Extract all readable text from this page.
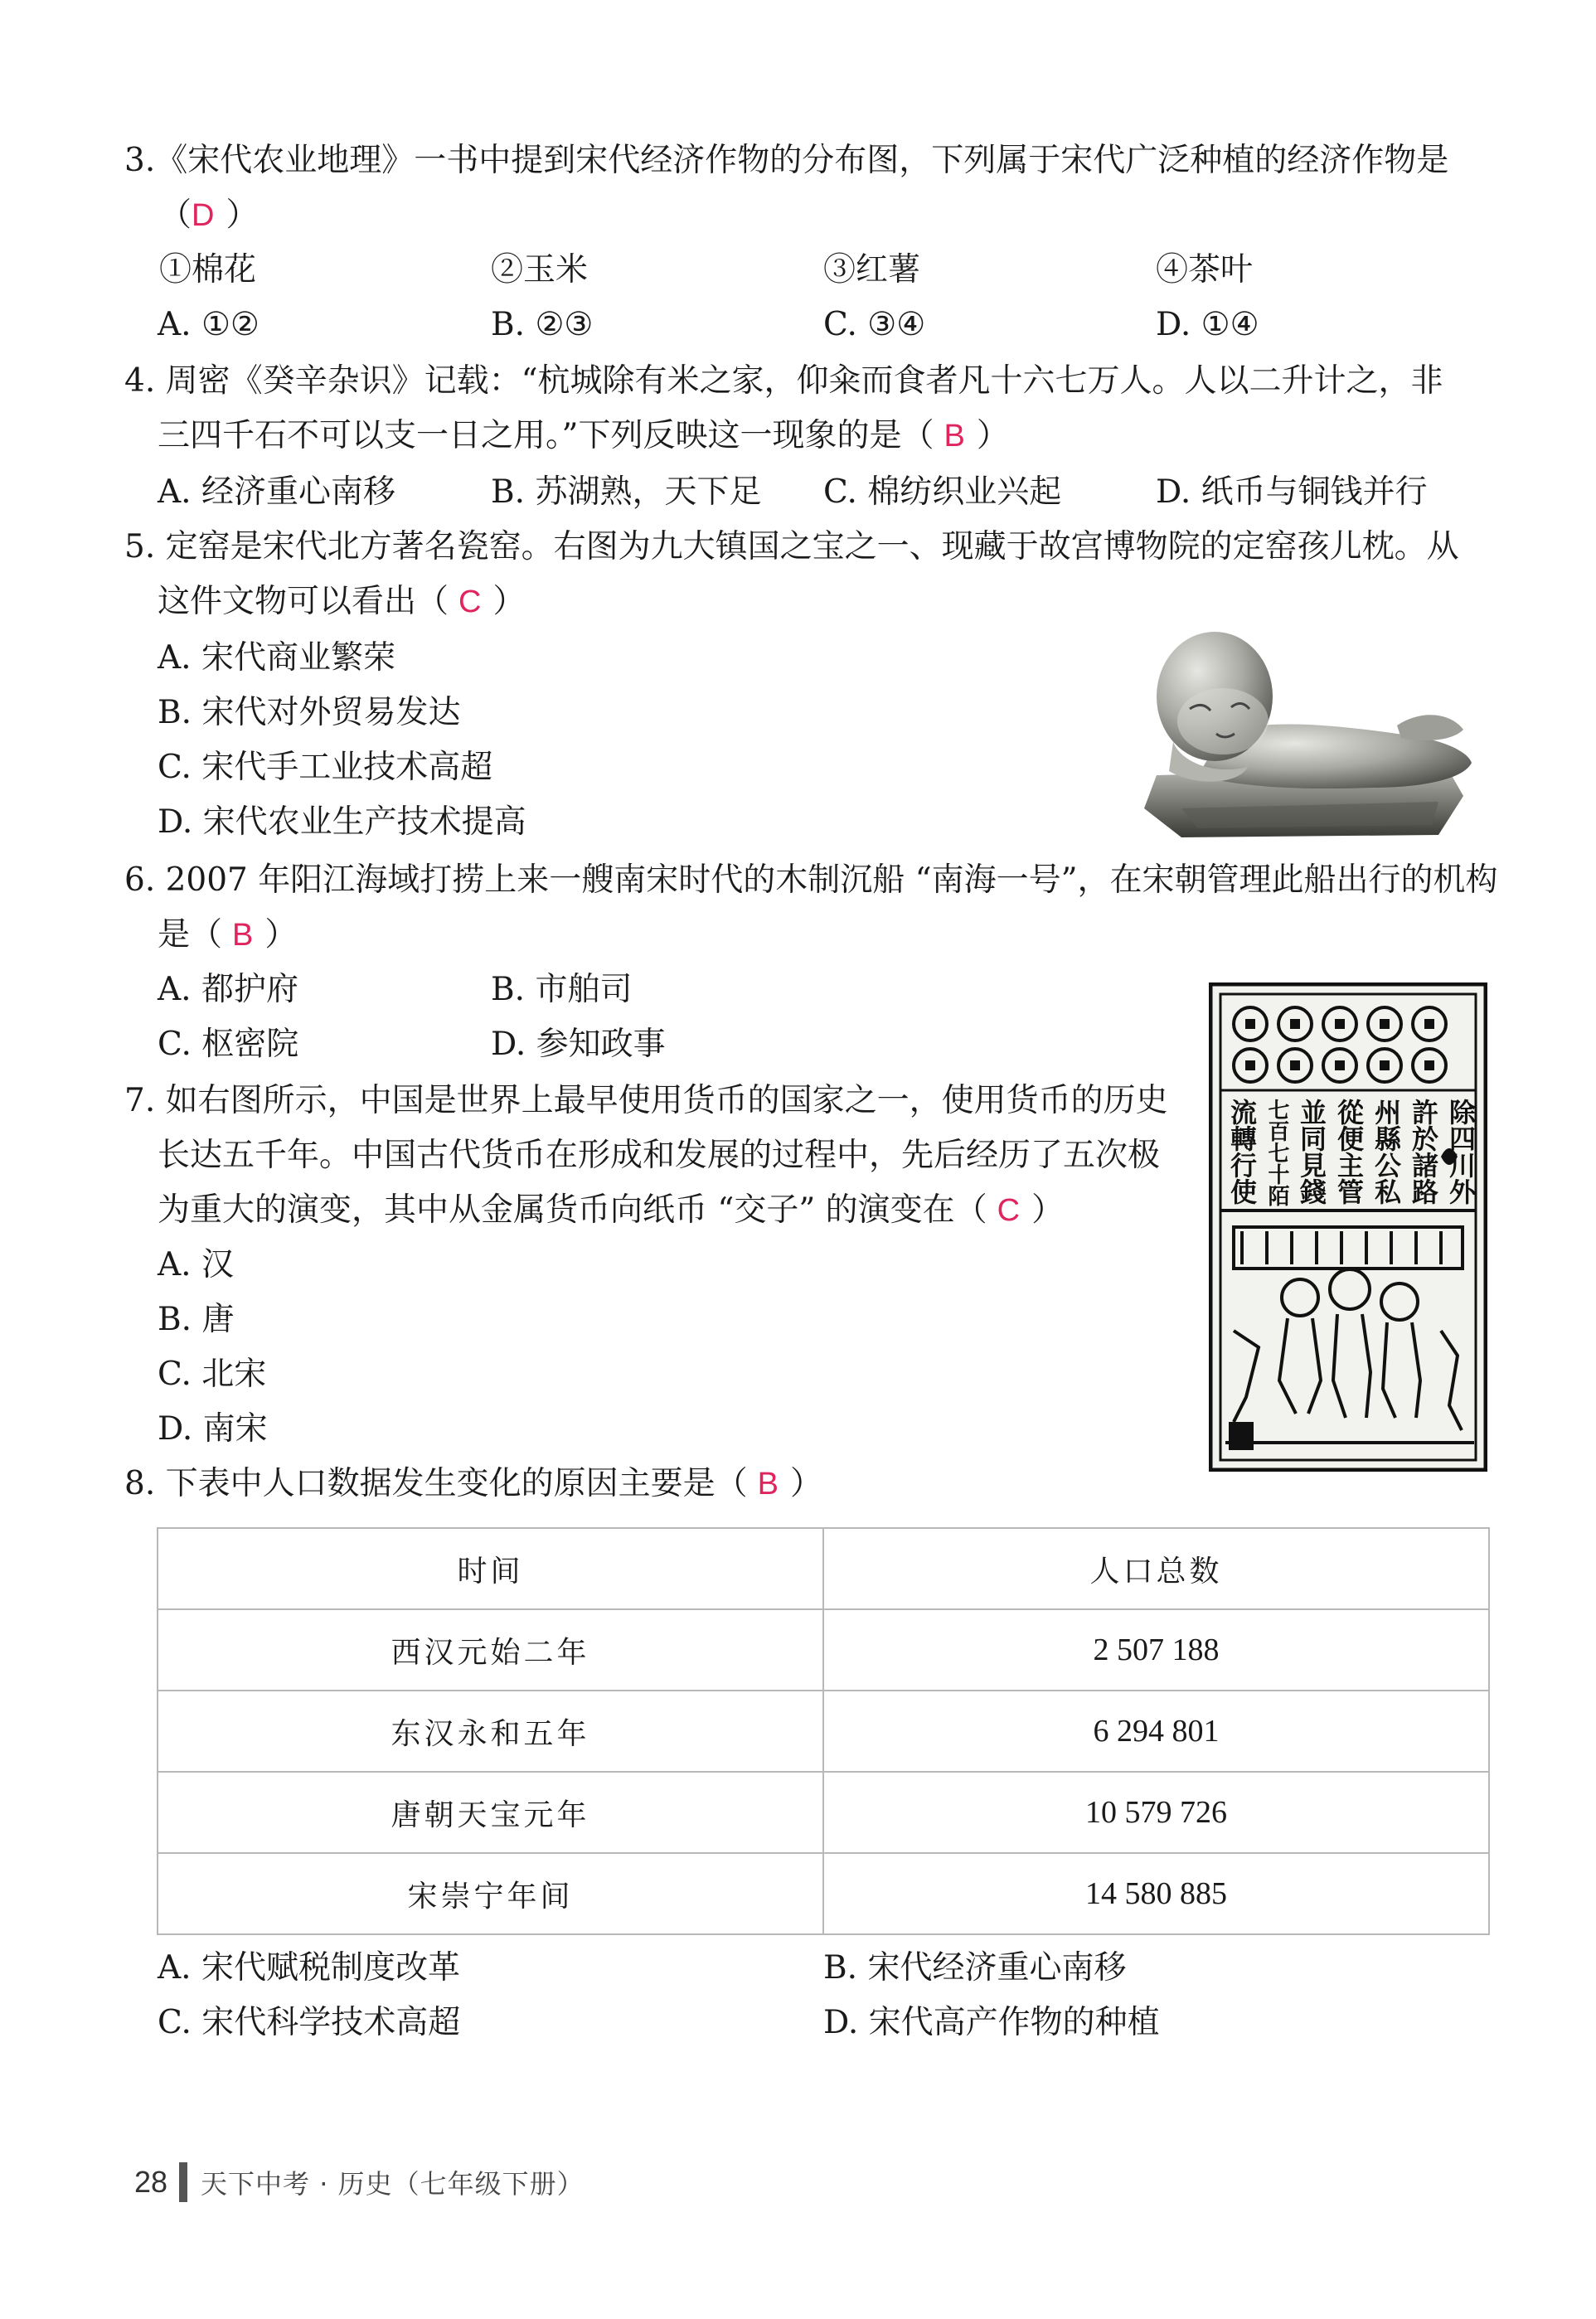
3.《宋代农业地理》一书中提到宋代经济作物的分布图，下列属于宋代广泛种植的经济作物是
（D ）
①棉花	②玉米	③红薯	④茶叶
A. ①②	B. ②③	C. ③④	D. ①④
4. 周密《癸辛杂识》记载：“杭城除有米之家，仰籴而食者凡十六七万人。人以二升计之，非
三四千石不可以支一日之用。”下列反映这一现象的是（ B ）
A. 经济重心南移	B. 苏湖熟，天下足 C. 棉纺织业兴起	D. 纸币与铜钱并行
5. 定窑是宋代北方著名瓷窑。右图为九大镇国之宝之一、现藏于故宫博物院的定窑孩儿枕。从
这件文物可以看出（ C ）
A. 宋代商业繁荣
B. 宋代对外贸易发达
C. 宋代手工业技术高超
D. 宋代农业生产技术提高
6. 2007 年阳江海域打捞上来一艘南宋时代的木制沉船 “南海一号”，在宋朝管理此船出行的机构
是（ B ）
A. 都护府	B. 市舶司
C. 枢密院	D. 参知政事
7. 如右图所示，中国是世界上最早使用货币的国家之一，使用货币的历史
长达五千年。中国古代货币在形成和发展的过程中，先后经历了五次极
为重大的演变，其中从金属货币向纸币 “交子” 的演变在（ C ）
A. 汉
B. 唐
C. 北宋
D. 南宋
除四川外
許於諸路
州縣公私
從便主管
並同見錢
七百七十陌
流轉行使
8. 下表中人口数据发生变化的原因主要是（ B ）
时间	人口总数
西汉元始二年	2 507 188
东汉永和五年	6 294 801
唐朝天宝元年	10 579 726
宋崇宁年间	14 580 885
A. 宋代赋税制度改革	B. 宋代经济重心南移
C. 宋代科学技术高超	D. 宋代高产作物的种植
28 天下中考 · 历史（七年级下册）
